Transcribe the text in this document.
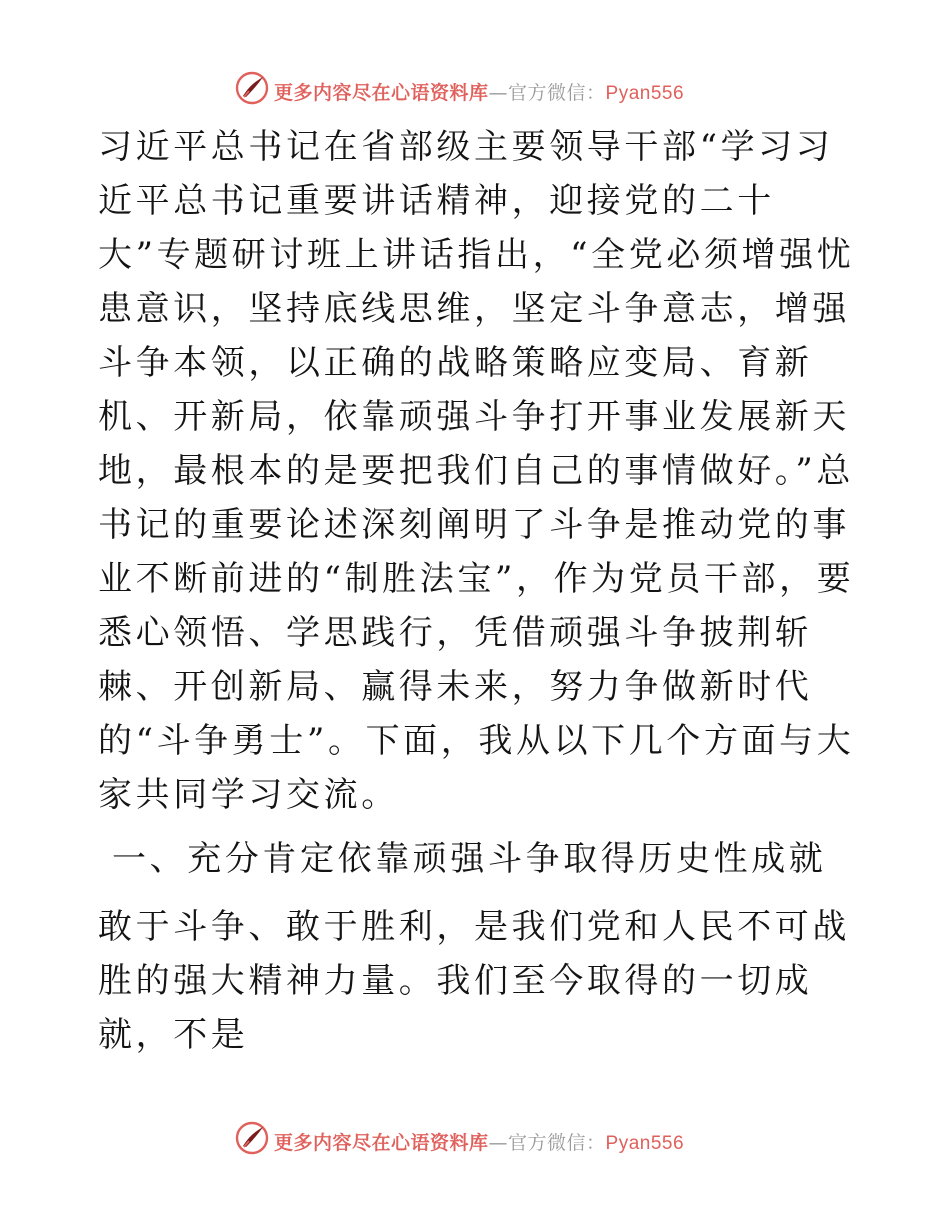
更多内容尽在心语资料库—官方微信：Pyan556

习近平总书记在省部级主要领导干部“学习习近平总书记重要讲话精神，迎接党的二十大”专题研讨班上讲话指出，“全党必须增强忧患意识，坚持底线思维，坚定斗争意志，增强斗争本领，以正确的战略策略应变局、育新机、开新局，依靠顽强斗争打开事业发展新天地，最根本的是要把我们自己的事情做好。”总书记的重要论述深刻阐明了斗争是推动党的事业不断前进的“制胜法宝”，作为党员干部，要悉心领悟、学思践行，凭借顽强斗争披荆斩棘、开创新局、赢得未来，努力争做新时代的“斗争勇士”。下面，我从以下几个方面与大家共同学习交流。

一、充分肯定依靠顽强斗争取得历史性成就

敢于斗争、敢于胜利，是我们党和人民不可战胜的强大精神力量。我们至今取得的一切成就，不是

更多内容尽在心语资料库—官方微信：Pyan556
